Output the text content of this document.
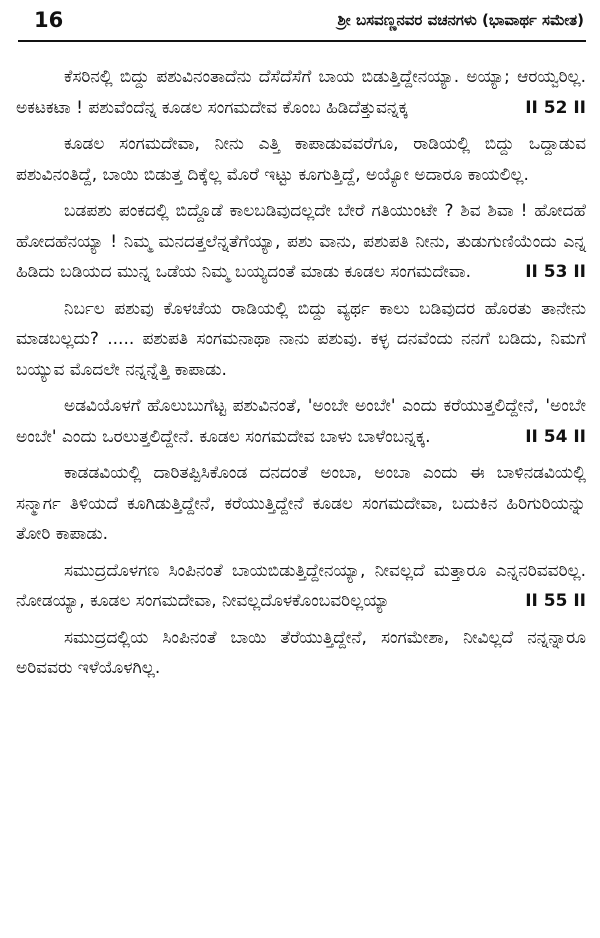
16	ಶ್ರೀ ಬಸವಣ್ಣನವರ ವಚನಗಳು (ಭಾವಾರ್ಥ ಸಮೇತ)

ಕೆಸರಿನಲ್ಲಿ ಬಿದ್ದು ಪಶುವಿನಂತಾದೆನು ದೆಸೆದೆಸೆಗೆ ಬಾಯ ಬಿಡುತ್ತಿದ್ದೇನಯ್ಯಾ. ಅಯ್ಯಾ; ಆರಯ್ವರಿಲ್ಲ. ಅಕಟಕಟಾ ! ಪಶುವೆಂದೆನ್ನ ಕೂಡಲ ಸಂಗಮದೇವ ಕೊಂಬ ಹಿಡಿದೆತ್ತುವನ್ನಕ್ಕ	II 52 II

ಕೂಡಲ ಸಂಗಮದೇವಾ, ನೀನು ಎತ್ತಿ ಕಾಪಾಡುವವರೆಗೂ, ರಾಡಿಯಲ್ಲಿ ಬಿದ್ದು ಒದ್ದಾಡುವ ಪಶುವಿನಂತಿದ್ದೆ, ಬಾಯಿ ಬಿಡುತ್ತ ದಿಕ್ಕೆಲ್ಲ ಮೊರೆ ಇಟ್ಟು ಕೂಗುತ್ತಿದ್ದೆ, ಅಯ್ಯೋ ಅದಾರೂ ಕಾಯಲಿಲ್ಲ.

ಬಡಪಶು ಪಂಕದಲ್ಲಿ ಬಿದ್ದೊಡೆ ಕಾಲಬಡಿವುದಲ್ಲದೇ ಬೇರೆ ಗತಿಯುಂಟೇ ? ಶಿವ ಶಿವಾ ! ಹೋದಹೆ ಹೋದಹೆನಯ್ಯಾ ! ನಿಮ್ಮ ಮನದತ್ತಲೆನ್ನತೆಗೆಯ್ಯಾ, ಪಶು ವಾನು, ಪಶುಪತಿ ನೀನು, ತುಡುಗುಣಿಯೆಂದು ಎನ್ನ ಹಿಡಿದು ಬಡಿಯದ ಮುನ್ನ ಒಡೆಯ ನಿಮ್ಮ ಬಯ್ಯದಂತೆ ಮಾಡು ಕೂಡಲ ಸಂಗಮದೇವಾ.	II 53 II

ನಿರ್ಬಲ ಪಶುವು ಕೊಳಚೆಯ ರಾಡಿಯಲ್ಲಿ ಬಿದ್ದು ವ್ಯರ್ಥ ಕಾಲು ಬಡಿವುದರ ಹೊರತು ತಾನೇನು ಮಾಡಬಲ್ಲದು? ..... ಪಶುಪತಿ ಸಂಗಮನಾಥಾ ನಾನು ಪಶುವು. ಕಳ್ಳ ದನವೆಂದು ನನಗೆ ಬಡಿದು, ನಿಮಗೆ ಬಯ್ಯುವ ಮೊದಲೇ ನನ್ನನ್ನೆತ್ತಿ ಕಾಪಾಡು.

ಅಡವಿಯೊಳಗೆ ಹೊಲುಬುಗೆಟ್ಟ ಪಶುವಿನಂತೆ, 'ಅಂಬೇ ಅಂಬೇ' ಎಂದು ಕರೆಯುತ್ತಲಿದ್ದೇನೆ, 'ಅಂಬೇ ಅಂಬೇ' ಎಂದು ಒರಲುತ್ತಲಿದ್ದೇನೆ. ಕೂಡಲ ಸಂಗಮದೇವ ಬಾಳು ಬಾಳೆಂಬನ್ನಕ್ಕ.	II 54 II

ಕಾಡಡವಿಯಲ್ಲಿ ದಾರಿತಪ್ಪಿಸಿಕೊಂಡ ದನದಂತೆ ಅಂಬಾ, ಅಂಬಾ ಎಂದು ಈ ಬಾಳಿನಡವಿಯಲ್ಲಿ ಸನ್ಮಾರ್ಗ ತಿಳಿಯದೆ ಕೂಗಿಡುತ್ತಿದ್ದೇನೆ, ಕರೆಯುತ್ತಿದ್ದೇನೆ ಕೂಡಲ ಸಂಗಮದೇವಾ, ಬದುಕಿನ ಹಿರಿಗುರಿಯನ್ನು ತೋರಿ ಕಾಪಾಡು.

ಸಮುದ್ರದೊಳಗಣ ಸಿಂಪಿನಂತೆ ಬಾಯಬಿಡುತ್ತಿದ್ದೇನಯ್ಯಾ, ನೀವಲ್ಲದೆ ಮತ್ತಾರೂ ಎನ್ನನರಿವವರಿಲ್ಲ. ನೋಡಯ್ಯಾ, ಕೂಡಲ ಸಂಗಮದೇವಾ, ನೀವಲ್ಲದೊಳಕೊಂಬವರಿಲ್ಲಯ್ಯಾ	II 55 II

ಸಮುದ್ರದಲ್ಲಿಯ ಸಿಂಪಿನಂತೆ ಬಾಯಿ ತೆರೆಯುತ್ತಿದ್ದೇನೆ, ಸಂಗಮೇಶಾ, ನೀವಿಲ್ಲದೆ ನನ್ನನ್ನಾರೂ ಅರಿವವರು ಇಳೆಯೊಳಗಿಲ್ಲ.
